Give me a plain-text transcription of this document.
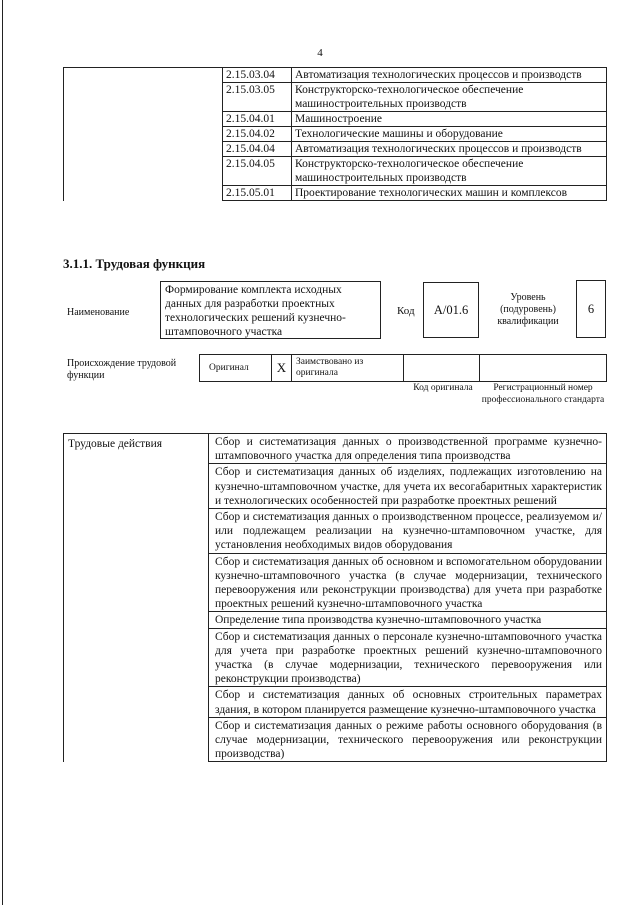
4
	2.15.03.04	Автоматизация технологических процессов и производств
	2.15.03.05	Конструкторско-технологическое обеспечение машиностроительных производств
	2.15.04.01	Машиностроение
	2.15.04.02	Технологические машины и оборудование
	2.15.04.04	Автоматизация технологических процессов и производств
	2.15.04.05	Конструкторско-технологическое обеспечение машиностроительных производств
	2.15.05.01	Проектирование технологических машин и комплексов
3.1.1. Трудовая функция
Наименование
Формирование комплекта исходных данных для разработки проектных технологических решений кузнечно-штамповочного участка
Код	A/01.6
Уровень (подуровень) квалификации
6
Происхождение трудовой функции
Оригинал	X	Заимствовано из оригинала
Код оригинала	Регистрационный номер профессионального стандарта
Трудовые действия	Сбор и систематизация данных о производственной программе кузнечно-штамповочного участка для определения типа производства
Сбор и систематизация данных об изделиях, подлежащих изготовлению на кузнечно-штамповочном участке, для учета их весогабаритных характеристик и технологических особенностей при разработке проектных решений
Сбор и систематизация данных о производственном процессе, реализуемом и/или подлежащем реализации на кузнечно-штамповочном участке, для установления необходимых видов оборудования
Сбор и систематизация данных об основном и вспомогательном оборудовании кузнечно-штамповочного участка (в случае модернизации, технического перевооружения или реконструкции производства) для учета при разработке проектных решений кузнечно-штамповочного участка
Определение типа производства кузнечно-штамповочного участка
Сбор и систематизация данных о персонале кузнечно-штамповочного участка для учета при разработке проектных решений кузнечно-штамповочного участка (в случае модернизации, технического перевооружения или реконструкции производства)
Сбор и систематизация данных об основных строительных параметрах здания, в котором планируется размещение кузнечно-штамповочного участка
Сбор и систематизация данных о режиме работы основного оборудования (в случае модернизации, технического перевооружения или реконструкции производства)
